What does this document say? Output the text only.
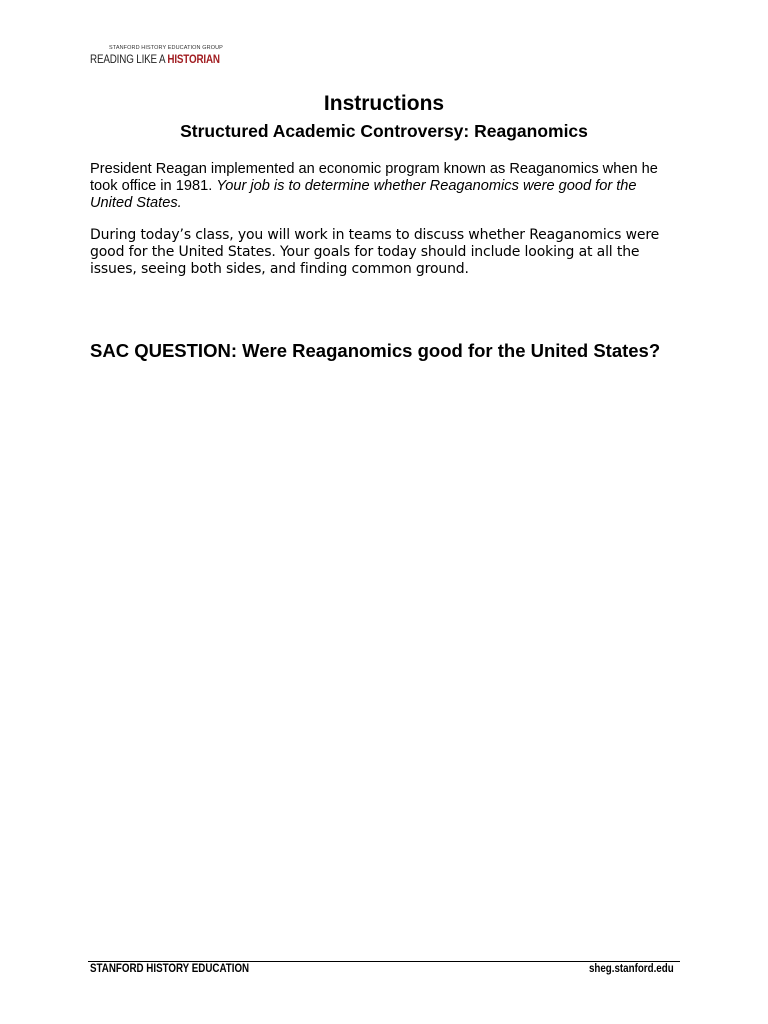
STANFORD HISTORY EDUCATION GROUP
READING LIKE A HISTORIAN
Instructions
Structured Academic Controversy: Reaganomics

President Reagan implemented an economic program known as Reaganomics when he took office in 1981. Your job is to determine whether Reaganomics were good for the United States.

During today’s class, you will work in teams to discuss whether Reaganomics were good for the United States. Your goals for today should include looking at all the issues, seeing both sides, and finding common ground.

SAC QUESTION: Were Reaganomics good for the United States?
STANFORD HISTORY EDUCATION	sheg.stanford.edu
